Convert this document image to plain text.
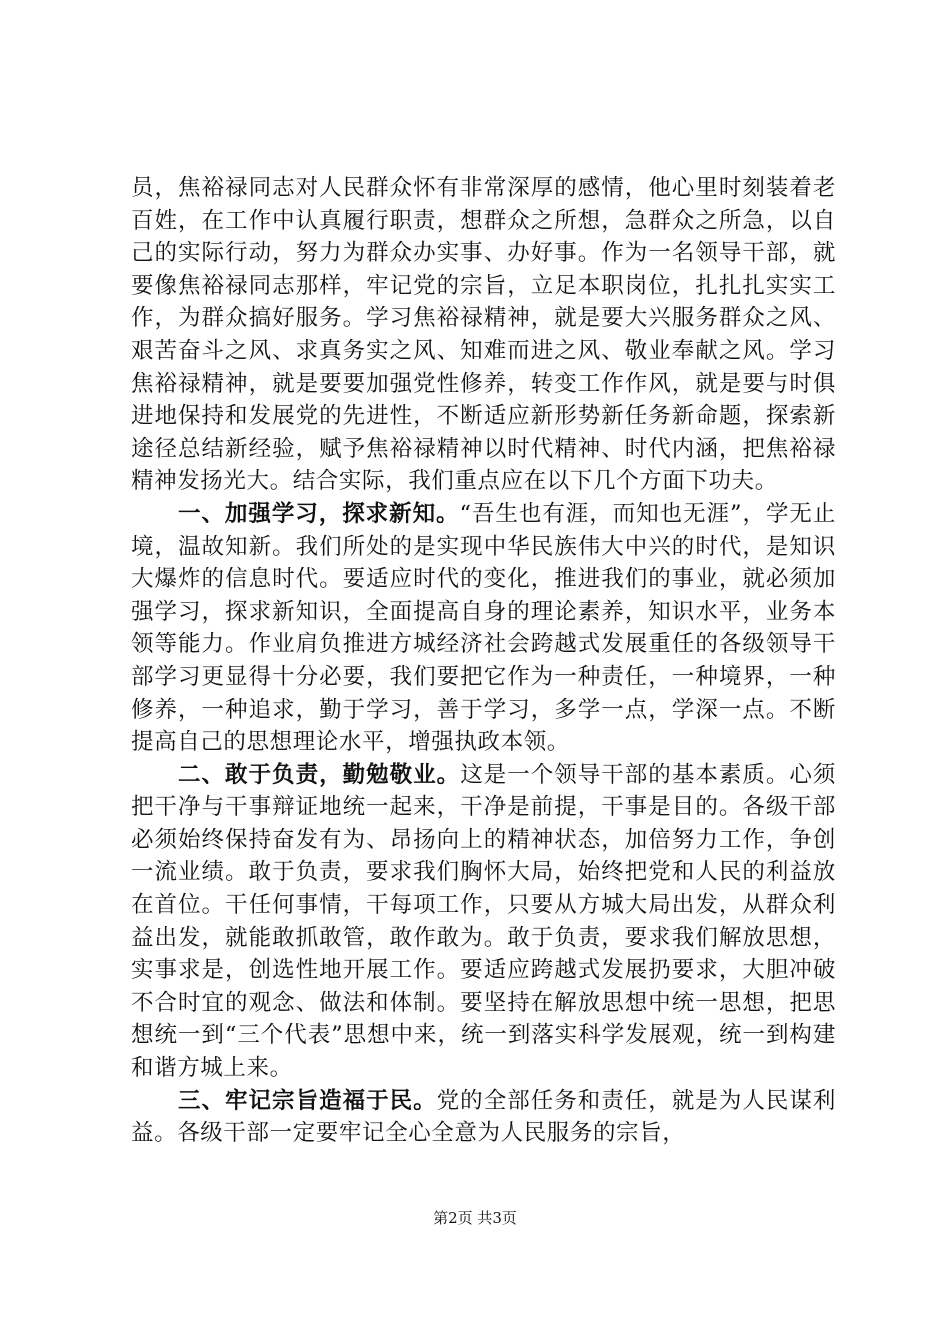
员，焦裕禄同志对人民群众怀有非常深厚的感情，他心里时刻装着老百姓，在工作中认真履行职责，想群众之所想，急群众之所急，以自己的实际行动，努力为群众办实事、办好事。作为一名领导干部，就要像焦裕禄同志那样，牢记党的宗旨，立足本职岗位，扎扎扎实实工作，为群众搞好服务。学习焦裕禄精神，就是要大兴服务群众之风、艰苦奋斗之风、求真务实之风、知难而进之风、敬业奉献之风。学习焦裕禄精神，就是要要加强党性修养，转变工作作风，就是要与时俱进地保持和发展党的先进性，不断适应新形势新任务新命题，探索新途径总结新经验，赋予焦裕禄精神以时代精神、时代内涵，把焦裕禄精神发扬光大。结合实际，我们重点应在以下几个方面下功夫。

一、加强学习，探求新知。“吾生也有涯，而知也无涯”，学无止境，温故知新。我们所处的是实现中华民族伟大中兴的时代，是知识大爆炸的信息时代。要适应时代的变化，推进我们的事业，就必须加强学习，探求新知识，全面提高自身的理论素养，知识水平，业务本领等能力。作业肩负推进方城经济社会跨越式发展重任的各级领导干部学习更显得十分必要，我们要把它作为一种责任，一种境界，一种修养，一种追求，勤于学习，善于学习，多学一点，学深一点。不断提高自己的思想理论水平，增强执政本领。

二、敢于负责，勤勉敬业。这是一个领导干部的基本素质。心须把干净与干事辩证地统一起来，干净是前提，干事是目的。各级干部必须始终保持奋发有为、昂扬向上的精神状态，加倍努力工作，争创一流业绩。敢于负责，要求我们胸怀大局，始终把党和人民的利益放在首位。干任何事情，干每项工作，只要从方城大局出发，从群众利益出发，就能敢抓敢管，敢作敢为。敢于负责，要求我们解放思想，实事求是，创选性地开展工作。要适应跨越式发展扔要求，大胆冲破不合时宜的观念、做法和体制。要坚持在解放思想中统一思想，把思想统一到“三个代表”思想中来，统一到落实科学发展观，统一到构建和谐方城上来。

三、牢记宗旨造福于民。党的全部任务和责任，就是为人民谋利益。各级干部一定要牢记全心全意为人民服务的宗旨，

第2页 共3页
